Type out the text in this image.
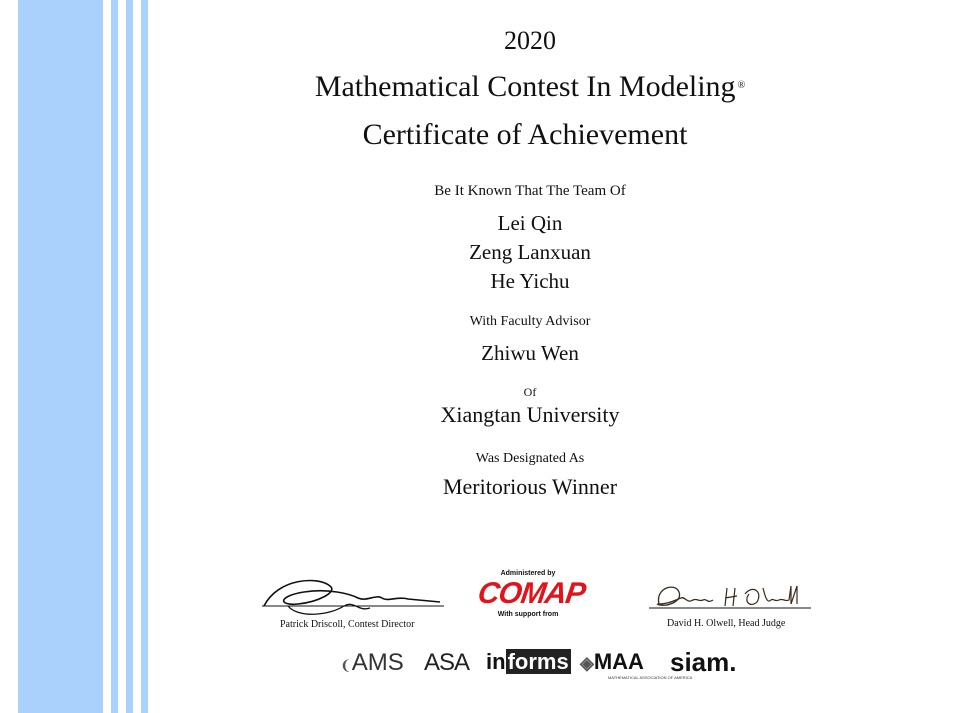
2020
Mathematical Contest In Modeling ®
Certificate of Achievement
Be It Known That The Team Of
Lei Qin
Zeng Lanxuan
He Yichu
With Faculty Advisor
Zhiwu Wen
Of
Xiangtan University
Was Designated As
Meritorious Winner
Patrick Driscoll, Contest Director
Administered by
COMAP
With support from
David H. Olwell, Head Judge
❨AMS ASA informs ◈MAA
MATHEMATICAL ASSOCIATION OF AMERICA
siam.
